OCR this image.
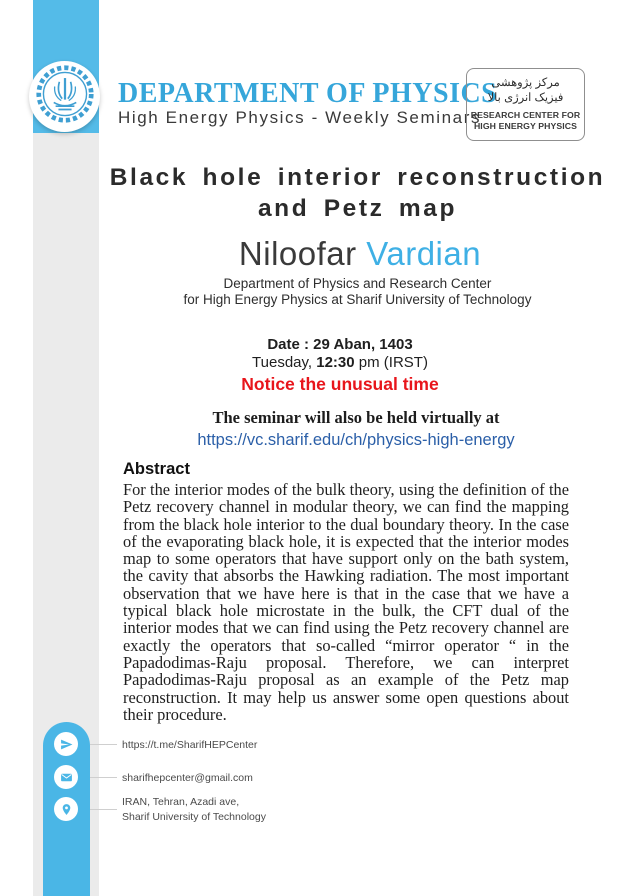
DEPARTMENT OF PHYSICS
High Energy Physics - Weekly Seminars
مرکز پژوهشی
فیزیک انرژی بالا
RESEARCH CENTER FOR
HIGH ENERGY PHYSICS
Black hole interior reconstruction
and Petz map
Niloofar Vardian
Department of Physics and Research Center
for High Energy Physics at Sharif University of Technology
Date : 29 Aban, 1403
Tuesday, 12:30 pm (IRST)
Notice the unusual time
The seminar will also be held virtually at
https://vc.sharif.edu/ch/physics-high-energy
Abstract
For the interior modes of the bulk theory, using the definition of the Petz recovery channel in modular theory, we can find the mapping from the black hole interior to the dual boundary theory. In the case of the evaporating black hole, it is expected that the interior modes map to some operators that have support only on the bath system, the cavity that absorbs the Hawking radiation. The most important observation that we have here is that in the case that we have a typical black hole microstate in the bulk, the CFT dual of the interior modes that we can find using the Petz recovery channel are exactly the operators that so-called “mirror operator “ in the Papadodimas-Raju proposal. Therefore, we can interpret Papadodimas-Raju proposal as an example of the Petz map reconstruction. It may help us answer some open questions about their procedure.
https://t.me/SharifHEPCenter
sharifhepcenter@gmail.com
IRAN, Tehran, Azadi ave,
Sharif University of Technology
